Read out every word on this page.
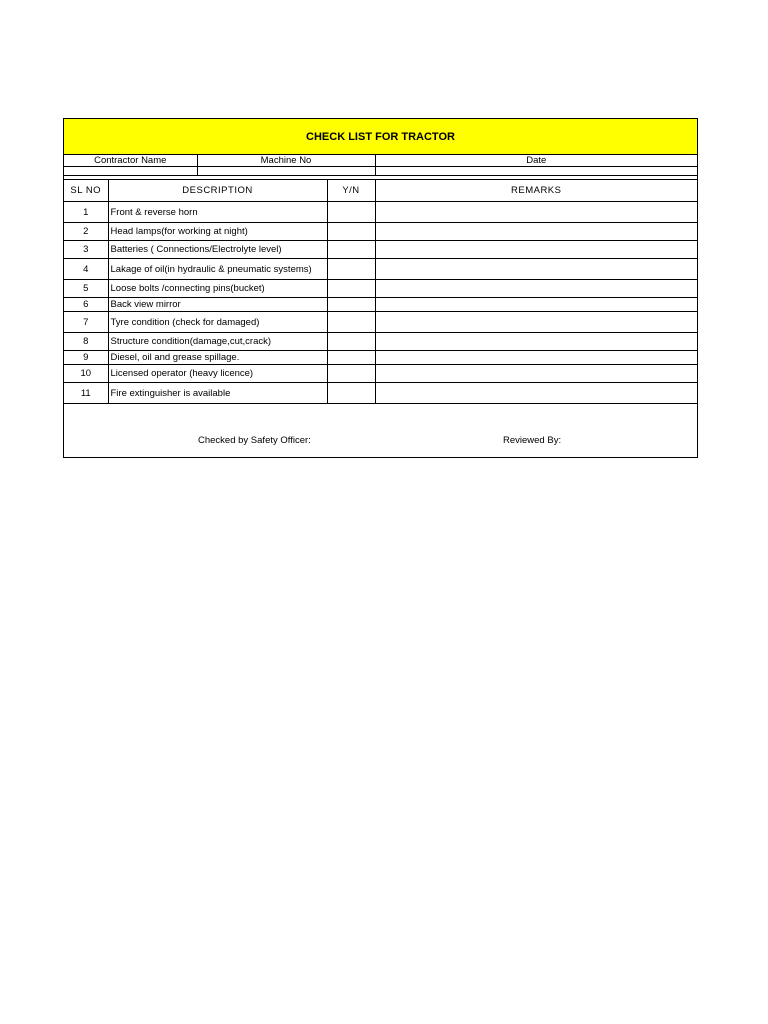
CHECK LIST FOR TRACTOR
Contractor Name	Machine No	Date

SL NO	DESCRIPTION	Y/N	REMARKS
1	Front & reverse horn		
2	Head lamps(for working at night)		
3	Batteries ( Connections/Electrolyte level)		
4	Lakage of oil(in hydraulic & pneumatic systems)		
5	Loose bolts /connecting pins(bucket)		
6	Back view mirror		
7	Tyre condition (check for damaged)		
8	Structure condition(damage,cut,crack)		
9	Diesel, oil and grease spillage.		
10	Licensed operator (heavy licence)		
11	Fire extinguisher is available		
Checked by Safety Officer:	Reviewed By:
